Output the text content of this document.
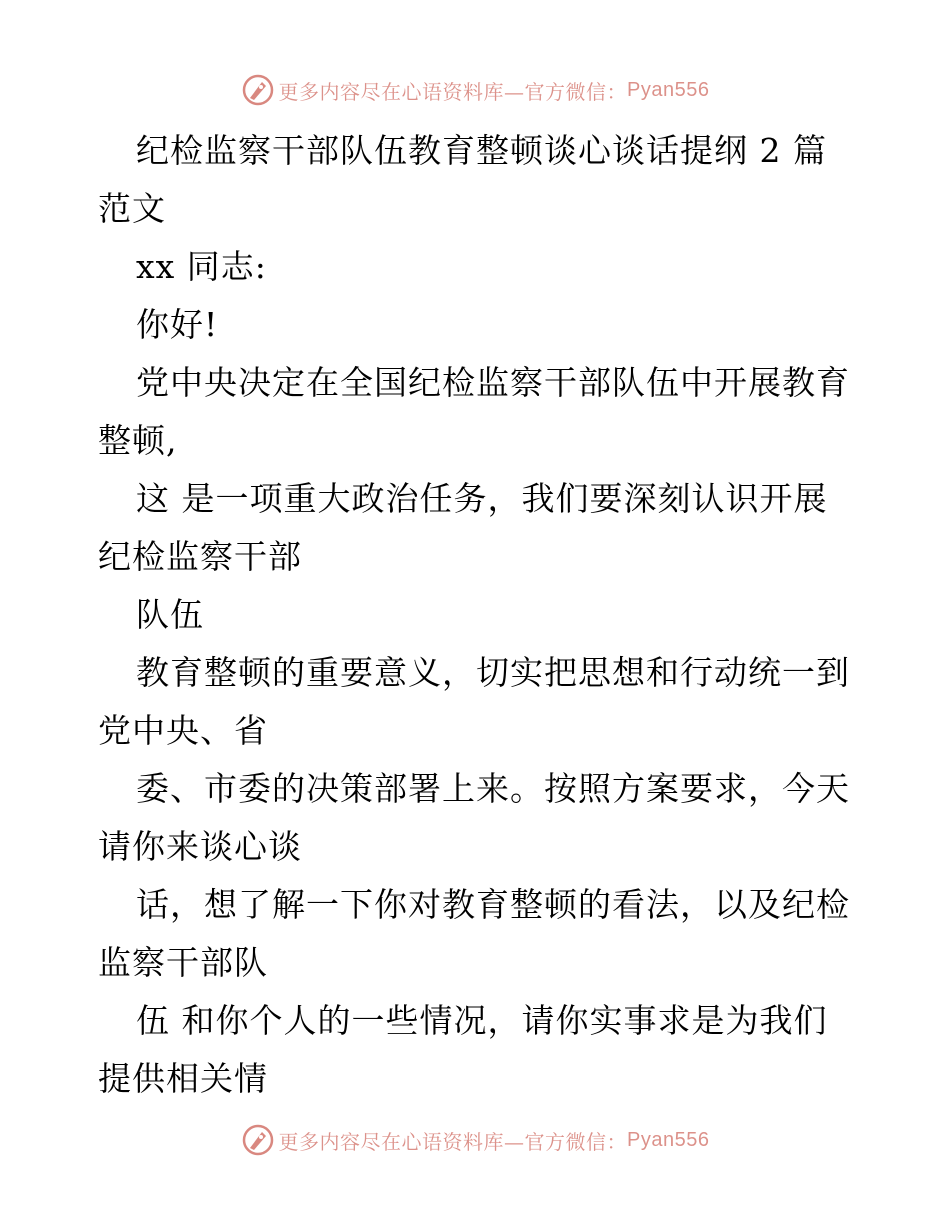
更多内容尽在心语资料库—官方微信： Pyan556
纪检监察干部队伍教育整顿谈心谈话提纲 2 篇
范文
xx 同志:
你好!
党中央决定在全国纪检监察干部队伍中开展教育
整顿,
这 是一项重大政治任务，我们要深刻认识开展
纪检监察干部
队伍
教育整顿的重要意义，切实把思想和行动统一到
党中央、省
委、市委的决策部署上来。按照方案要求，今天
请你来谈心谈
话，想了解一下你对教育整顿的看法，以及纪检
监察干部队
伍 和你个人的一些情况，请你实事求是为我们
提供相关情
更多内容尽在心语资料库—官方微信： Pyan556
